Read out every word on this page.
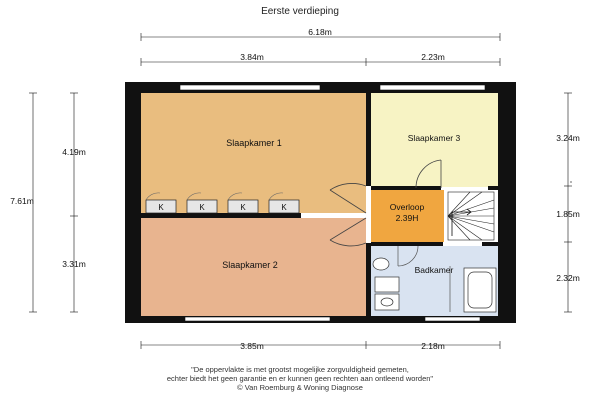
Eerste verdieping
K	K	K	K
Slaapkamer 1
Slaapkamer 2
Slaapkamer 3
Overloop
2.39H
Badkamer
6.18m
3.84m	2.23m
3.85m	2.18m
7.61m
4.19m
3.31m
3.24m
1.85m
2.32m
"De oppervlakte is met grootst mogelijke zorgvuldigheid gemeten,
echter biedt het geen garantie en er kunnen geen rechten aan ontleend worden"
© Van Roemburg & Woning Diagnose
